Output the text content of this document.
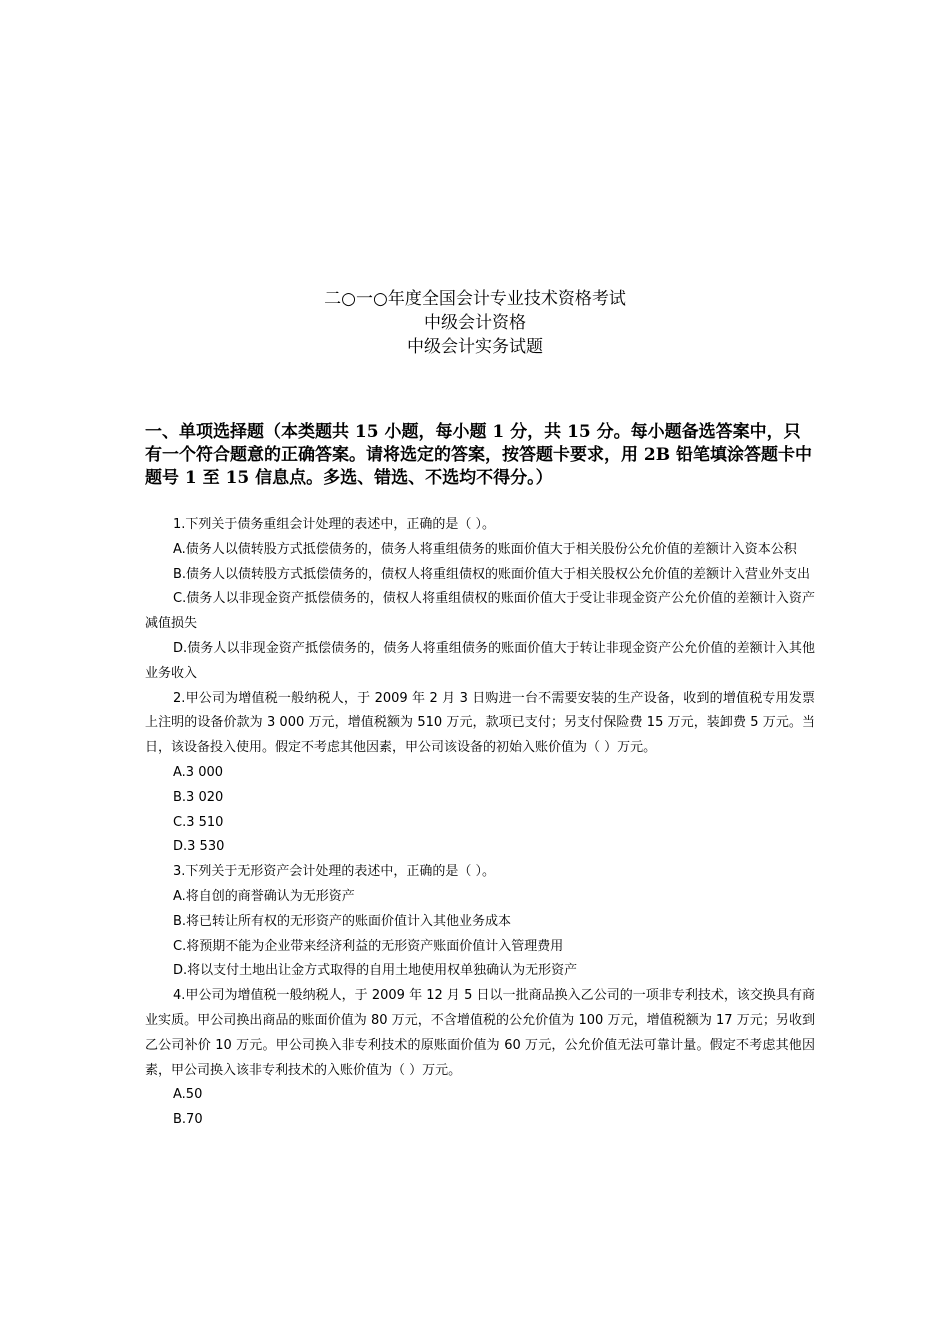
二○一○年度全国会计专业技术资格考试
中级会计资格
中级会计实务试题
一、单项选择题（本类题共 15 小题，每小题 1 分，共 15 分。每小题备选答案中，只有一个符合题意的正确答案。请将选定的答案，按答题卡要求，用 2B 铅笔填涂答题卡中题号 1 至 15 信息点。多选、错选、不选均不得分。）

1.下列关于债务重组会计处理的表述中，正确的是（ ）。

A.债务人以债转股方式抵偿债务的，债务人将重组债务的账面价值大于相关股份公允价值的差额计入资本公积

B.债务人以债转股方式抵偿债务的，债权人将重组债权的账面价值大于相关股权公允价值的差额计入营业外支出

C.债务人以非现金资产抵偿债务的，债权人将重组债权的账面价值大于受让非现金资产公允价值的差额计入资产减值损失

D.债务人以非现金资产抵偿债务的，债务人将重组债务的账面价值大于转让非现金资产公允价值的差额计入其他业务收入

2.甲公司为增值税一般纳税人，于 2009 年 2 月 3 日购进一台不需要安装的生产设备，收到的增值税专用发票上注明的设备价款为 3 000 万元，增值税额为 510 万元，款项已支付；另支付保险费 15 万元，装卸费 5 万元。当日，该设备投入使用。假定不考虑其他因素，甲公司该设备的初始入账价值为（ ）万元。

A.3 000

B.3 020

C.3 510

D.3 530

3.下列关于无形资产会计处理的表述中，正确的是（ ）。

A.将自创的商誉确认为无形资产

B.将已转让所有权的无形资产的账面价值计入其他业务成本

C.将预期不能为企业带来经济利益的无形资产账面价值计入管理费用

D.将以支付土地出让金方式取得的自用土地使用权单独确认为无形资产

4.甲公司为增值税一般纳税人，于 2009 年 12 月 5 日以一批商品换入乙公司的一项非专利技术，该交换具有商业实质。甲公司换出商品的账面价值为 80 万元，不含增值税的公允价值为 100 万元，增值税额为 17 万元；另收到乙公司补价 10 万元。甲公司换入非专利技术的原账面价值为 60 万元，公允价值无法可靠计量。假定不考虑其他因素，甲公司换入该非专利技术的入账价值为（ ）万元。

A.50

B.70
